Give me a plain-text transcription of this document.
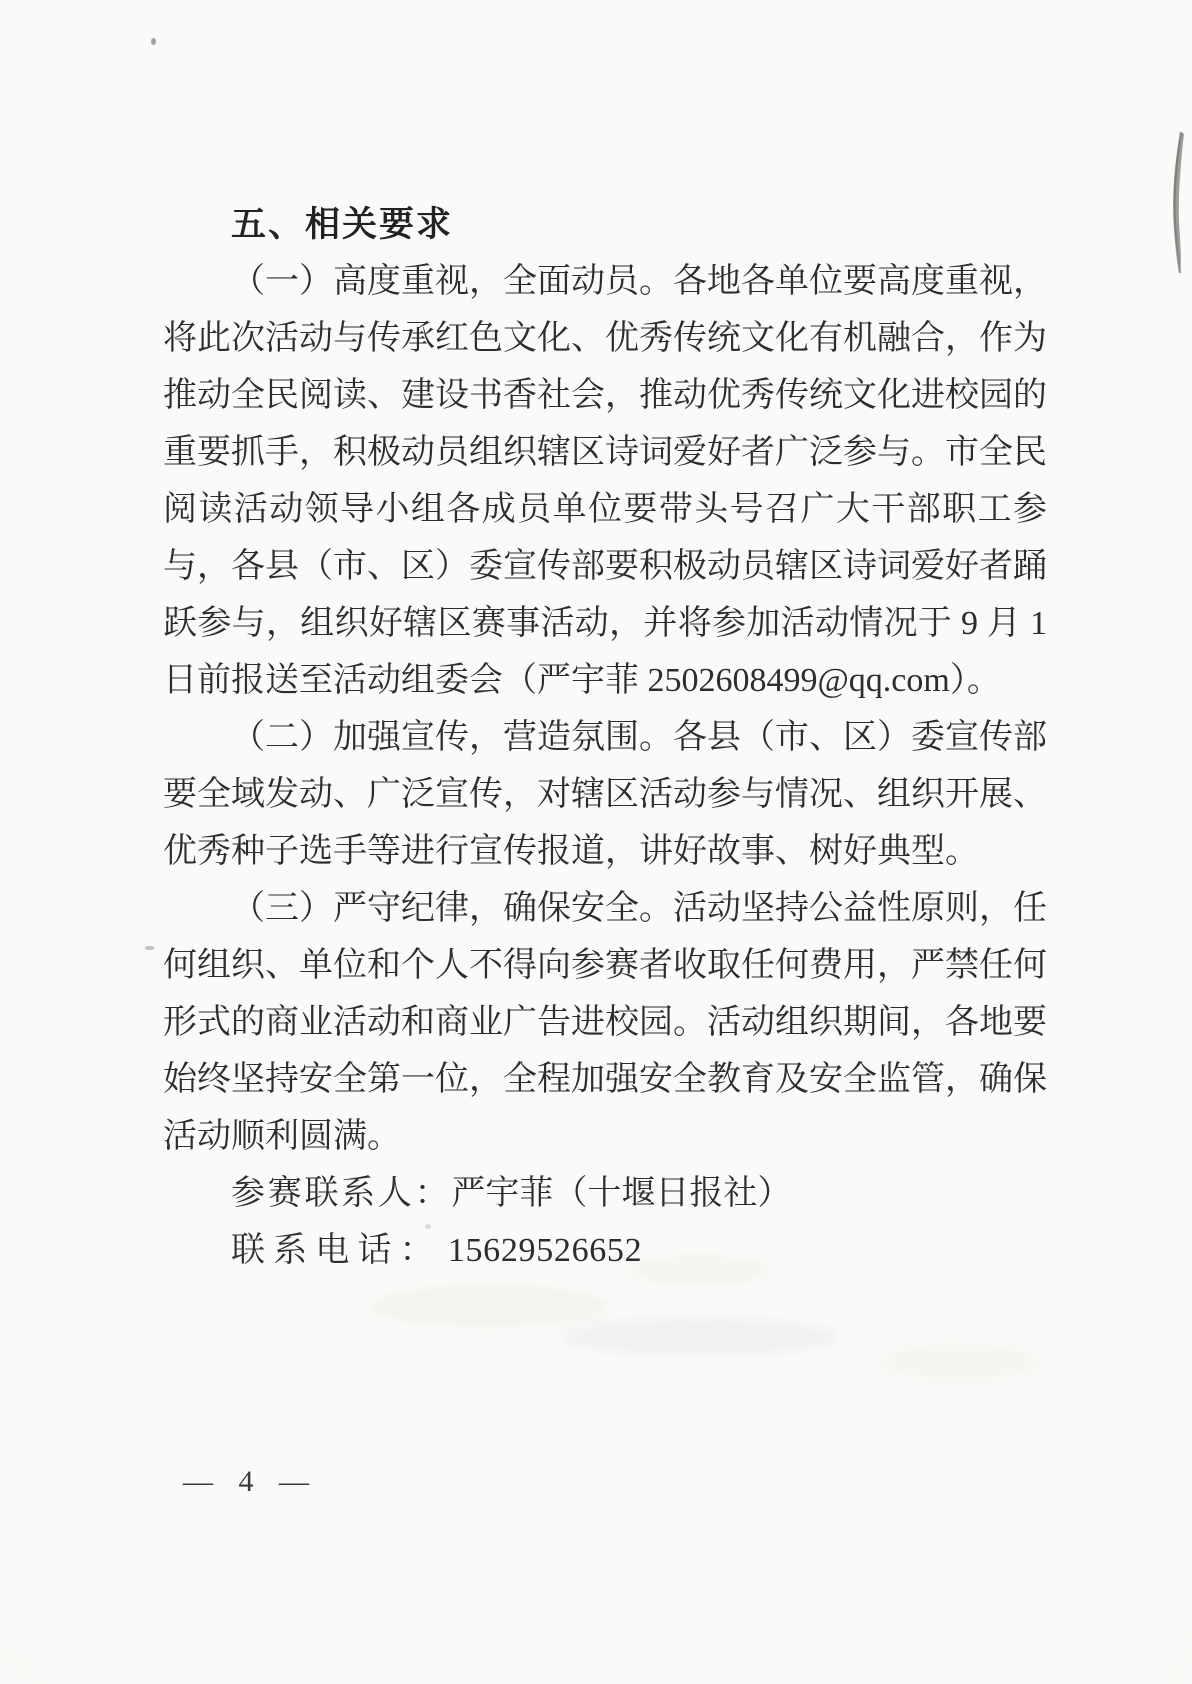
五、相关要求

（一）高度重视，全面动员。各地各单位要高度重视，将此次活动与传承红色文化、优秀传统文化有机融合，作为推动全民阅读、建设书香社会，推动优秀传统文化进校园的重要抓手，积极动员组织辖区诗词爱好者广泛参与。市全民阅读活动领导小组各成员单位要带头号召广大干部职工参与，各县（市、区）委宣传部要积极动员辖区诗词爱好者踊跃参与，组织好辖区赛事活动，并将参加活动情况于 9 月 1 日前报送至活动组委会（严宇菲 2502608499@qq.com）。

（二）加强宣传，营造氛围。各县（市、区）委宣传部要全域发动、广泛宣传，对辖区活动参与情况、组织开展、优秀种子选手等进行宣传报道，讲好故事、树好典型。

（三）严守纪律，确保安全。活动坚持公益性原则，任何组织、单位和个人不得向参赛者收取任何费用，严禁任何形式的商业活动和商业广告进校园。活动组织期间，各地要始终坚持安全第一位，全程加强安全教育及安全监管，确保活动顺利圆满。

参赛联系人：严宇菲（十堰日报社）

联系电话： 15629526652

— 4 —
